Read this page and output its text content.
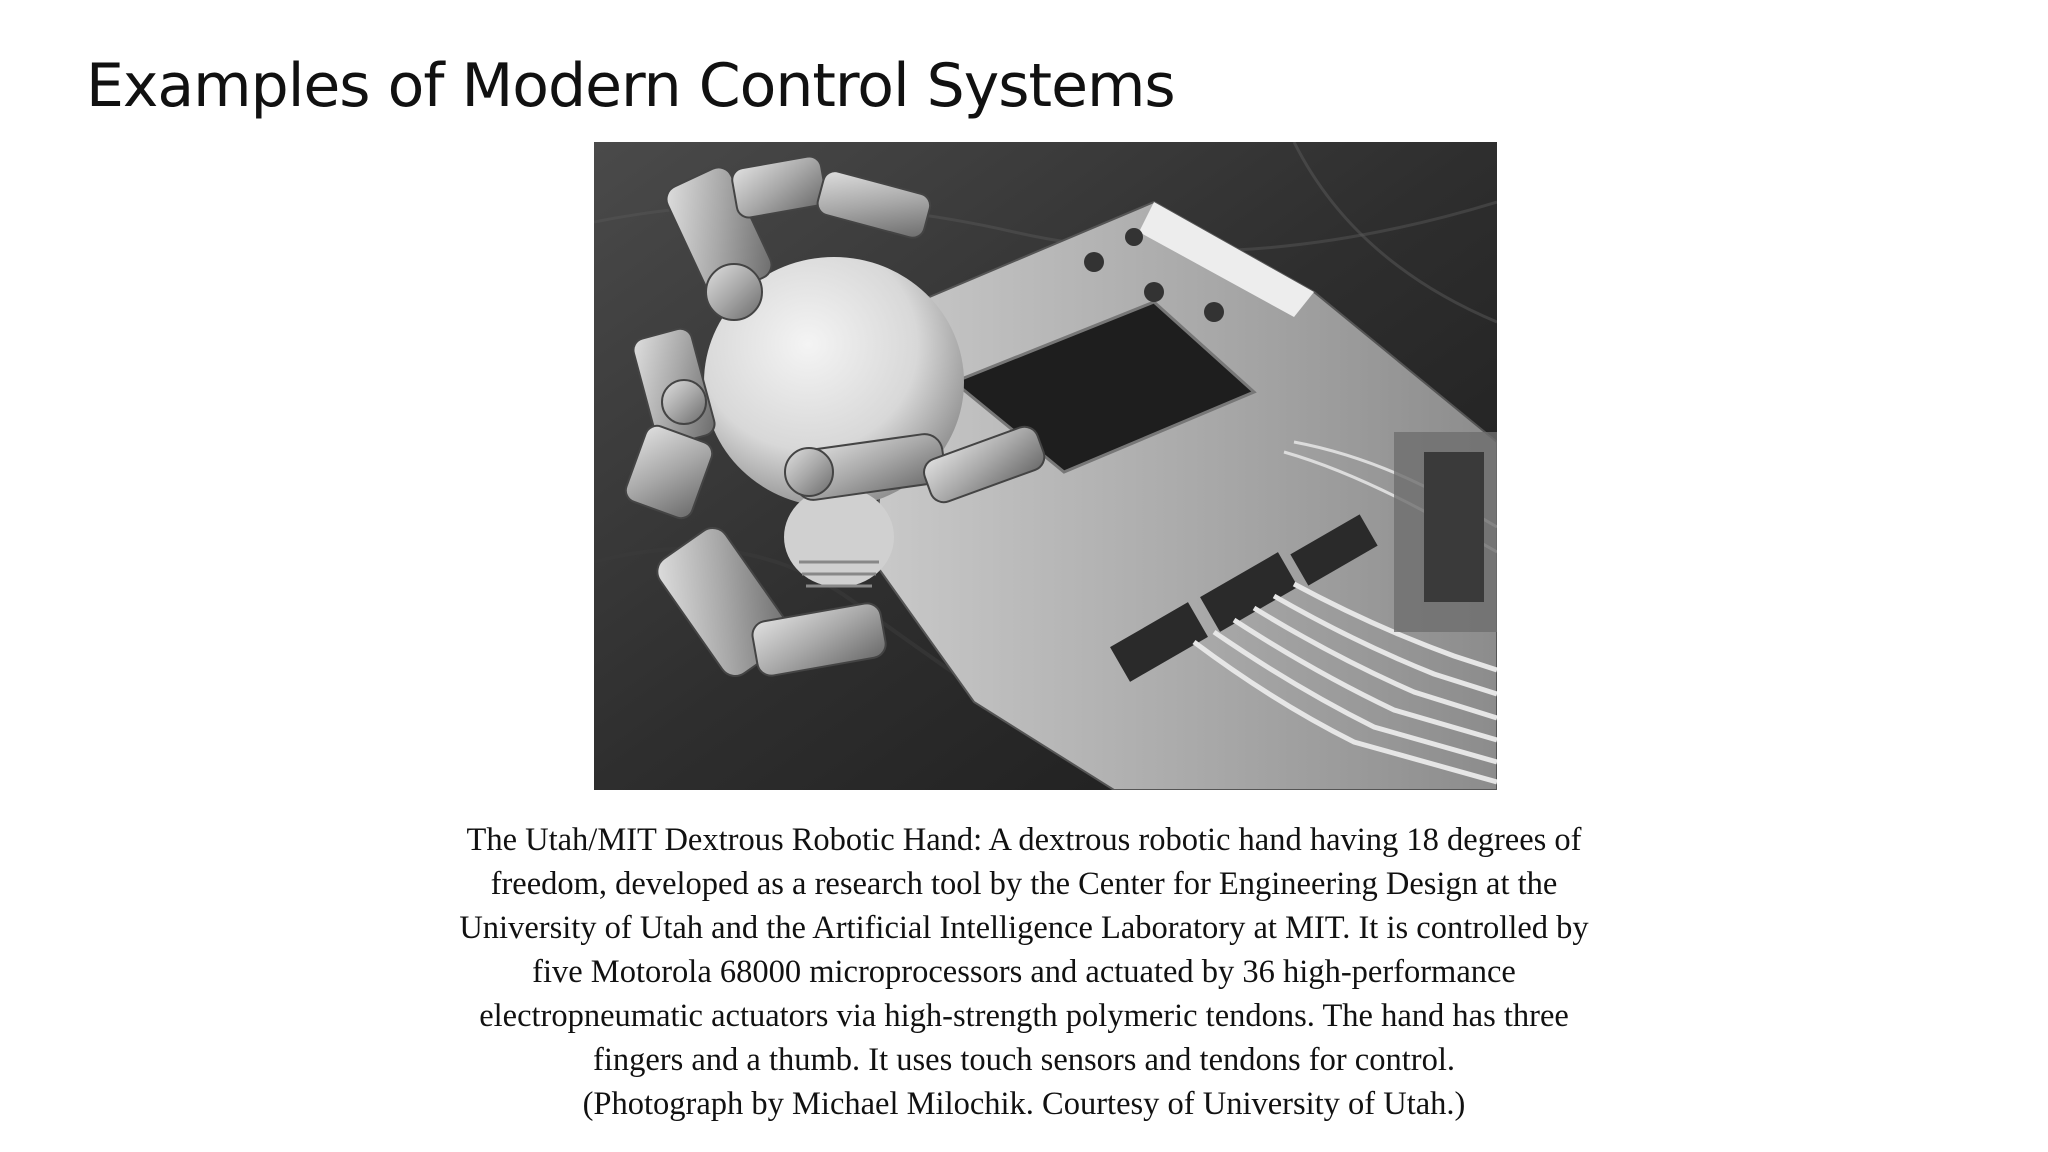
Examples of Modern Control Systems

The Utah/MIT Dextrous Robotic Hand: A dextrous robotic hand having 18 degrees of
freedom, developed as a research tool by the Center for Engineering Design at the
University of Utah and the Artificial Intelligence Laboratory at MIT. It is controlled by
five Motorola 68000 microprocessors and actuated by 36 high-performance
electropneumatic actuators via high-strength polymeric tendons. The hand has three
fingers and a thumb. It uses touch sensors and tendons for control.
(Photograph by Michael Milochik. Courtesy of University of Utah.)
